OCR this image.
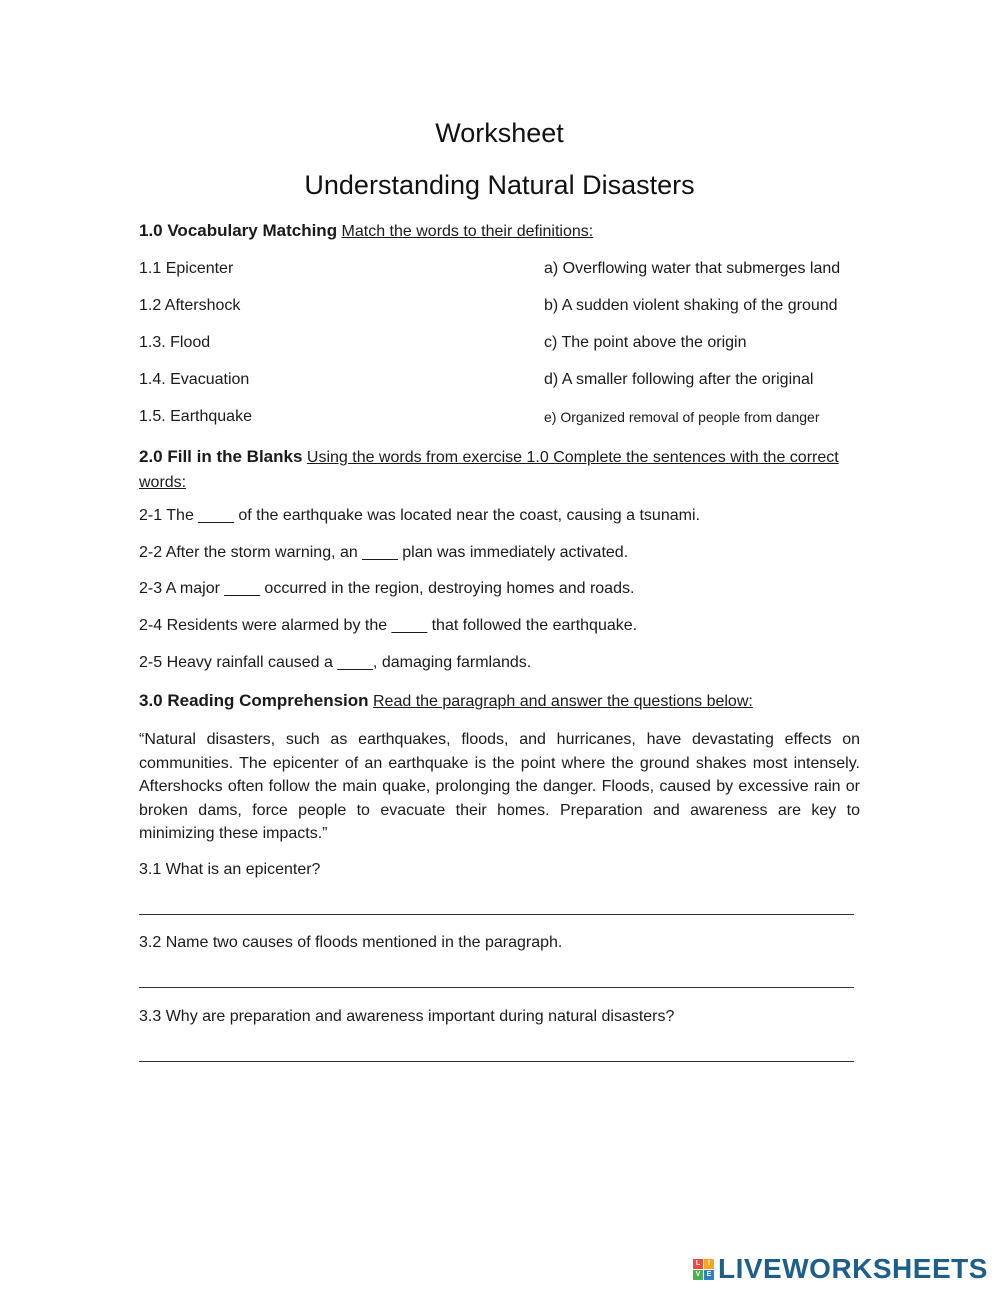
Worksheet
Understanding Natural Disasters
1.0 Vocabulary Matching Match the words to their definitions:
1.1 Epicenter
1.2 Aftershock
1.3. Flood
1.4. Evacuation
1.5. Earthquake
a) Overflowing water that submerges land
b) A sudden violent shaking of the ground
c) The point above the origin
d) A smaller following after the original
e) Organized removal of people from danger
2.0 Fill in the Blanks Using the words from exercise 1.0 Complete the sentences with the correct words:
2-1 The ____ of the earthquake was located near the coast, causing a tsunami.
2-2 After the storm warning, an ____ plan was immediately activated.
2-3 A major ____ occurred in the region, destroying homes and roads.
2-4 Residents were alarmed by the ____ that followed the earthquake.
2-5 Heavy rainfall caused a ____, damaging farmlands.
3.0 Reading Comprehension Read the paragraph and answer the questions below:
“Natural disasters, such as earthquakes, floods, and hurricanes, have devastating effects on communities. The epicenter of an earthquake is the point where the ground shakes most intensely. Aftershocks often follow the main quake, prolonging the danger. Floods, caused by excessive rain or broken dams, force people to evacuate their homes. Preparation and awareness are key to minimizing these impacts.”
3.1 What is an epicenter?
3.2 Name two causes of floods mentioned in the paragraph.
3.3 Why are preparation and awareness important during natural disasters?
L	I
V E LIVEWORKSHEETS
